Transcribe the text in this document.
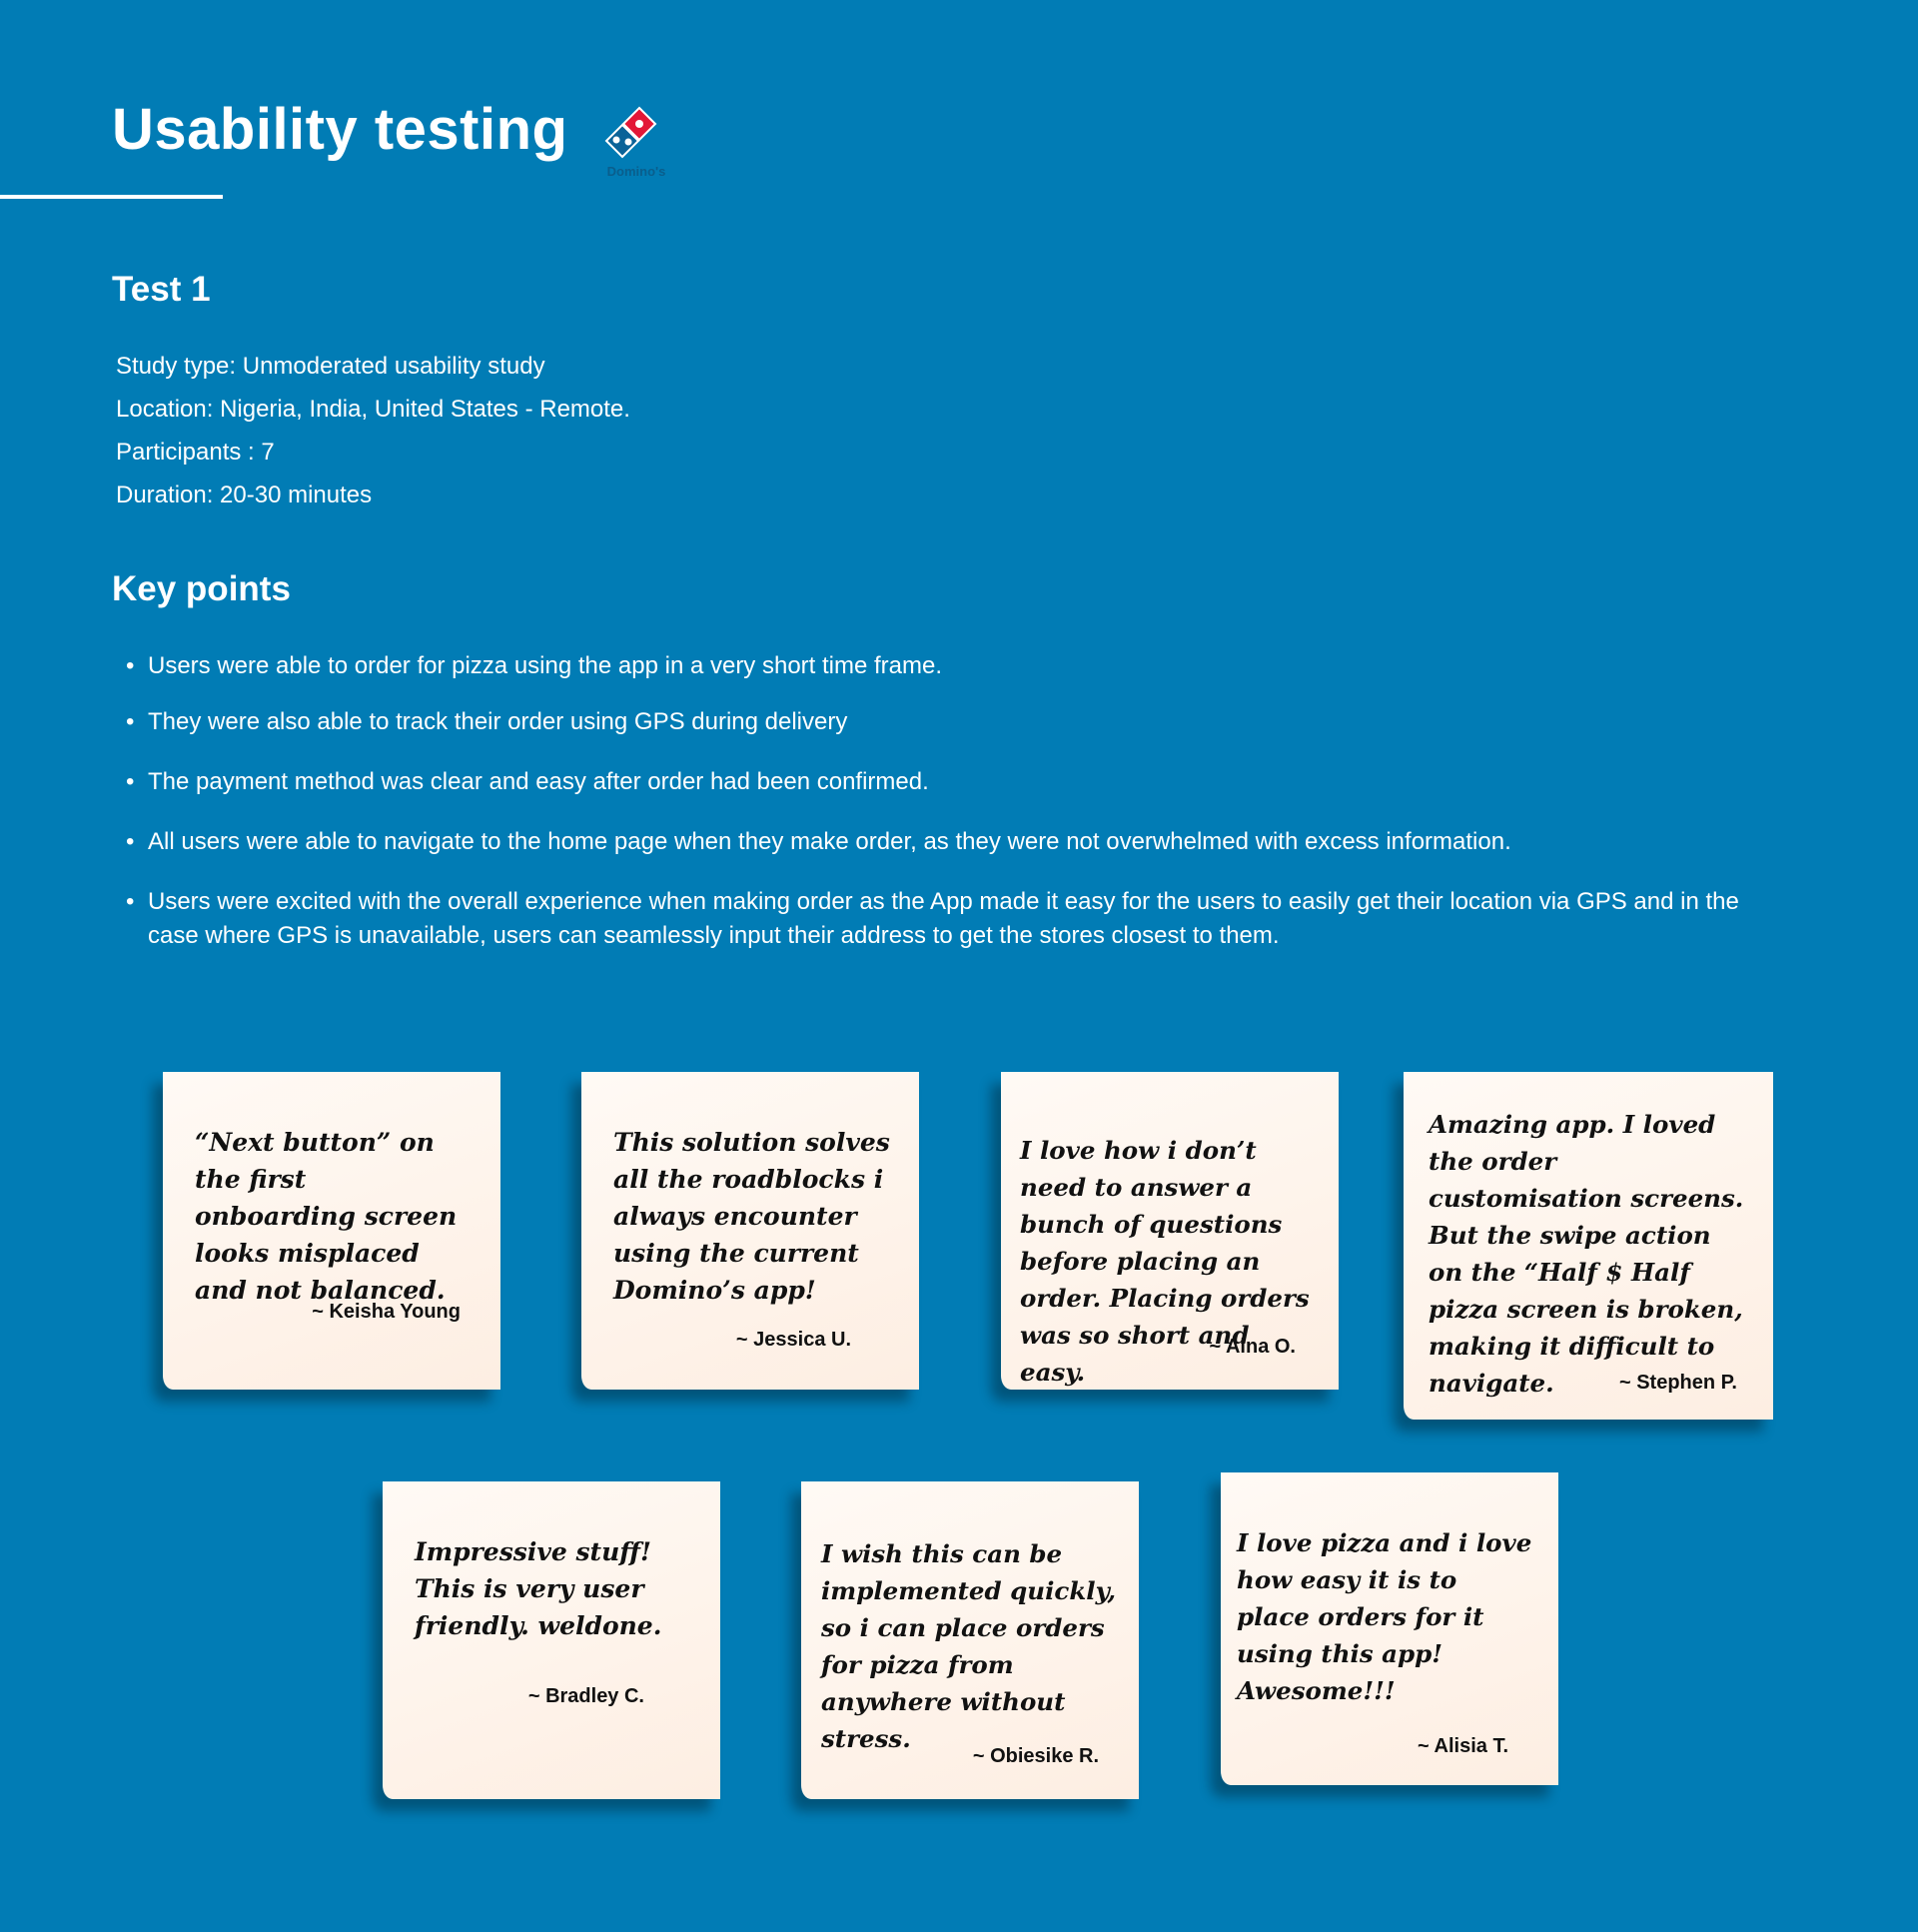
Usability testing
Domino's
Test 1
Study type: Unmoderated usability study
Location: Nigeria, India, United States - Remote.
Participants : 7
Duration: 20-30 minutes
Key points
• Users were able to order for pizza using the app in a very short time frame.
• They were also able to track their order using GPS during delivery
• The payment method was clear and easy after order had been confirmed.
• All users were able to navigate to the home page when they make order, as they were not overwhelmed with excess information.
• Users were excited with the overall experience when making order as the App made it easy for the users to easily get their location via GPS and in the case where GPS is unavailable, users can seamlessly input their address to get the stores closest to them.

“Next button” on the first onboarding screen looks misplaced and not balanced.

~ Keisha Young

This solution solves all the roadblocks i always encounter using the current Domino’s app!

~ Jessica U.

I love how i don’t need to answer a bunch of questions before placing an order. Placing orders was so short and easy.

~ Aina O.

Amazing app. I loved the order customisation screens. But the swipe action on the “Half $ Half pizza screen is broken, making it difficult to navigate.	~ Stephen P.

Impressive stuff! This is very user friendly. weldone.

~ Bradley C.

I wish this can be implemented quickly, so i can place orders for pizza from anywhere without stress.

~ Obiesike R.

I love pizza and i love how easy it is to place orders for it using this app! Awesome!!!

~ Alisia T.
